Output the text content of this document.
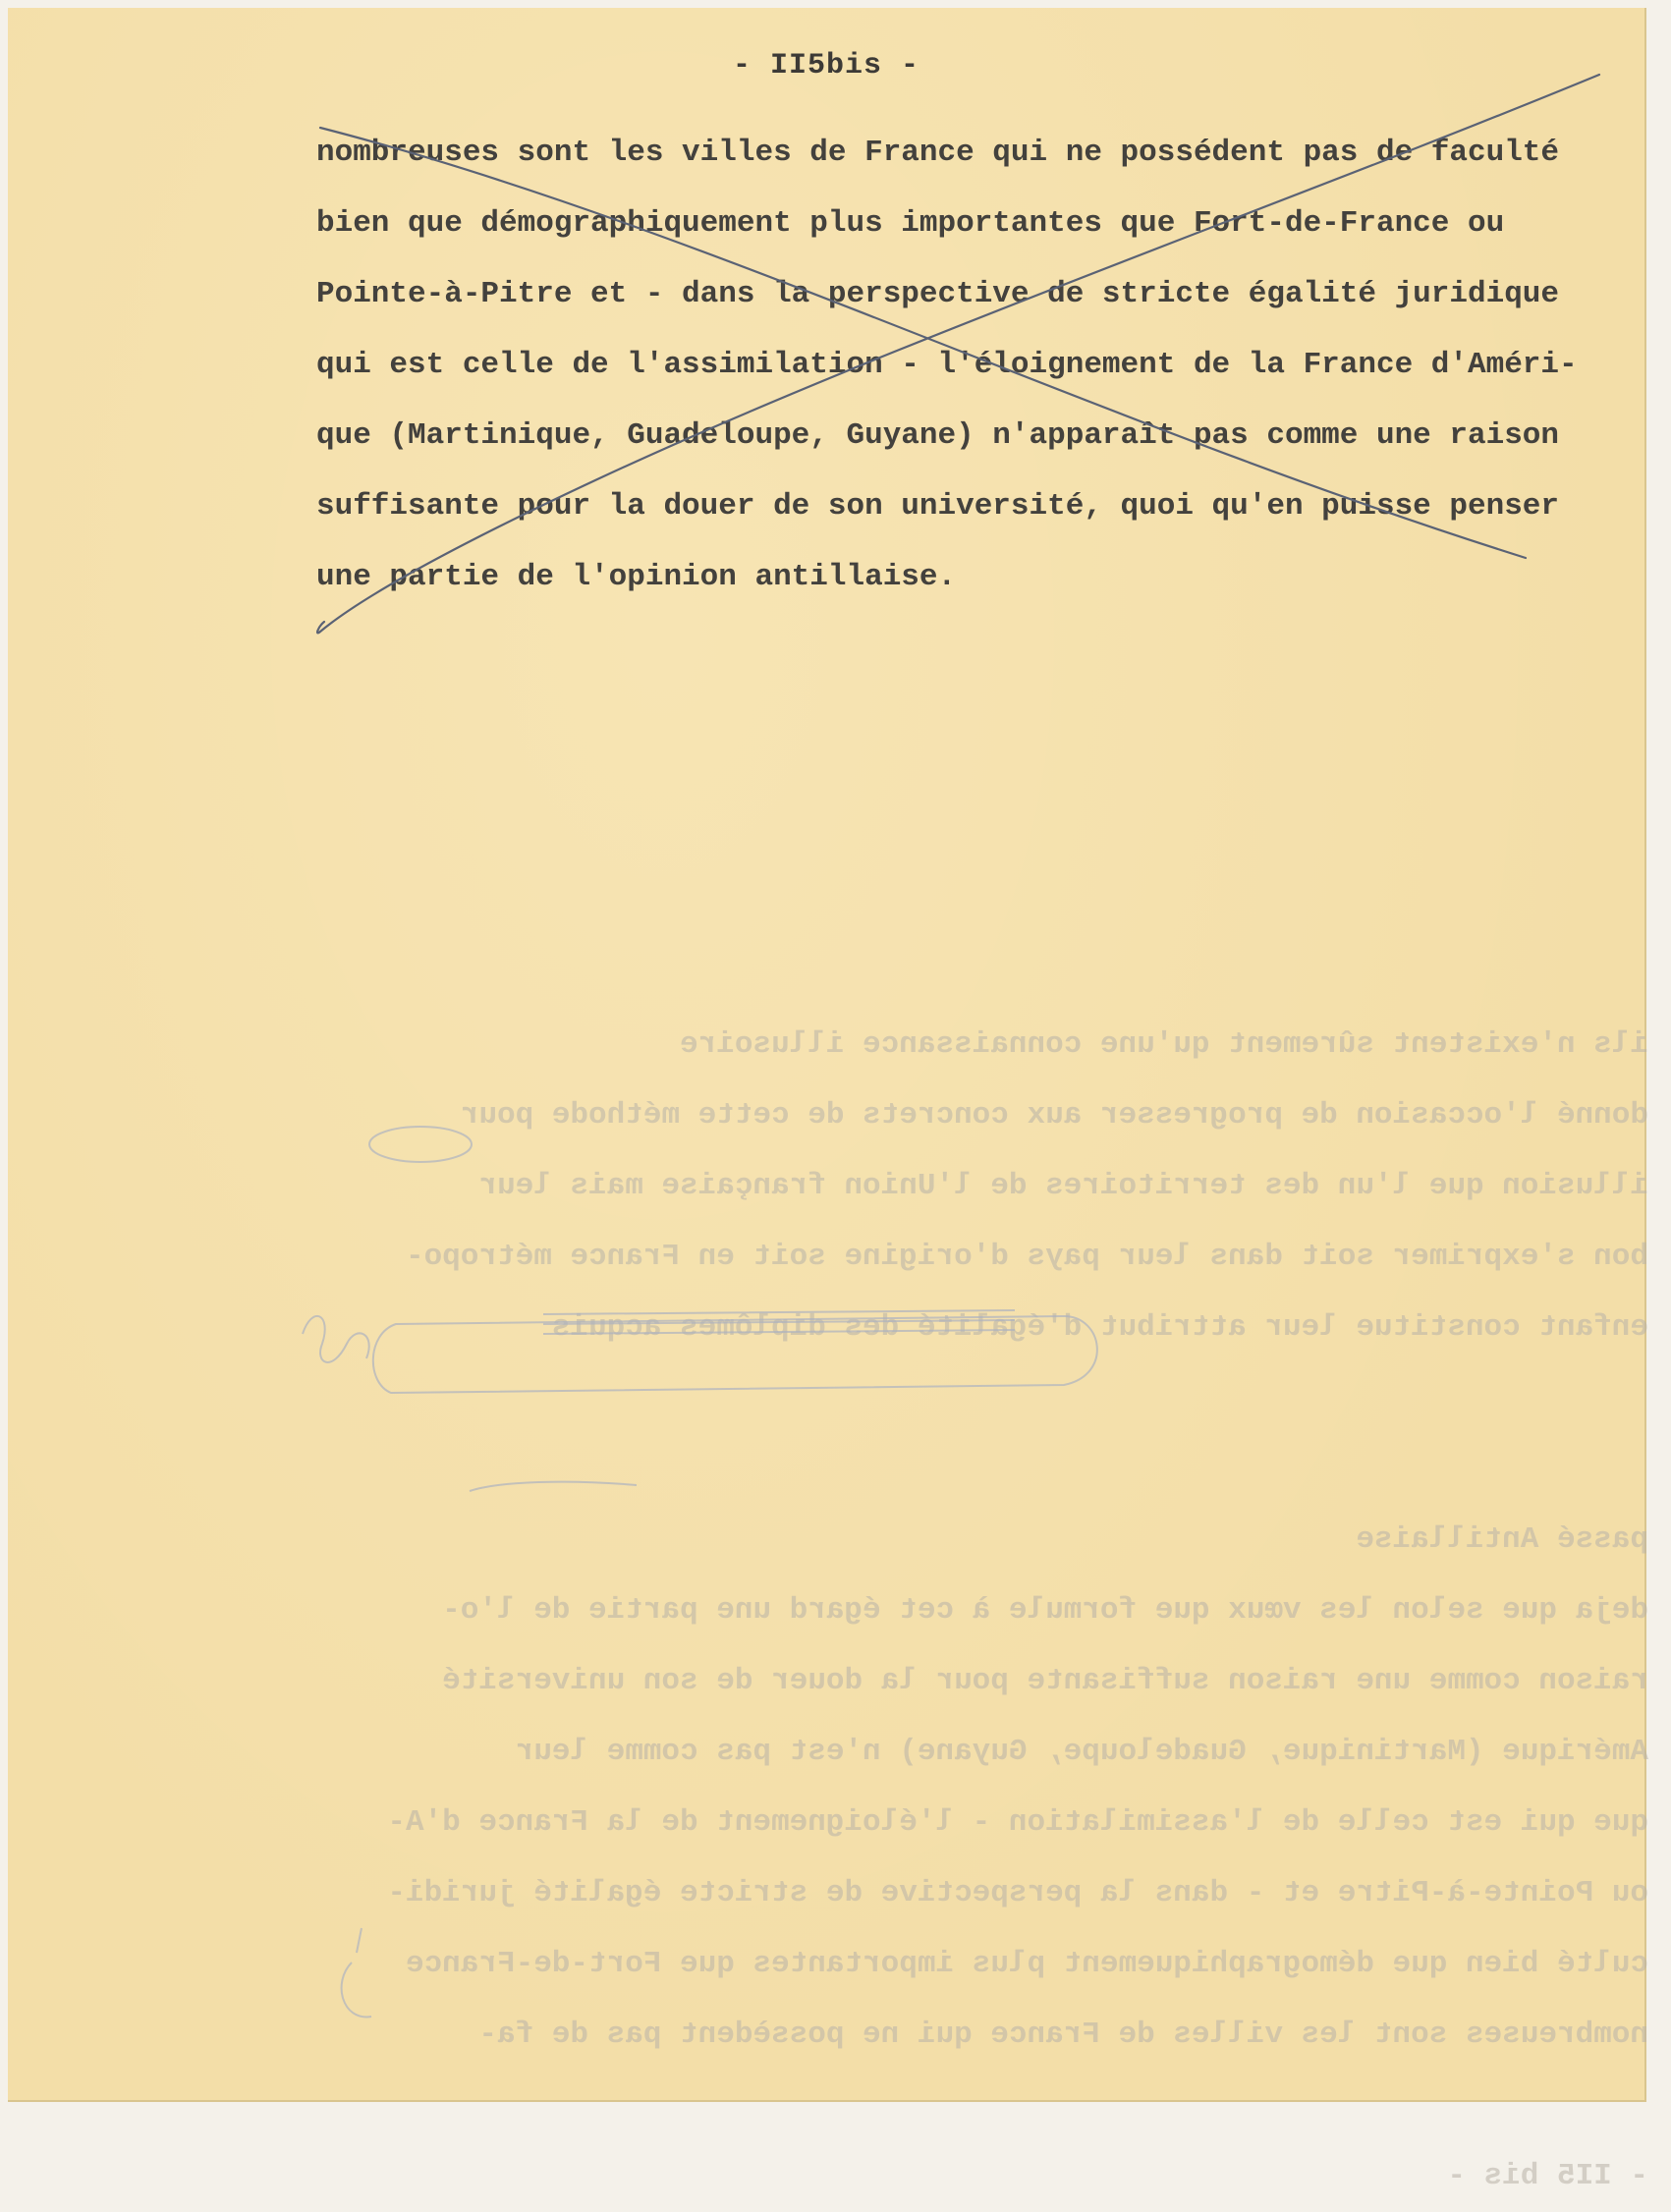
ils n'existent sûrement qu'une connaissance illusoire
donné l'occasion de progresser aux concrets de cette méthode pour
illusion que l'un des territoires de l'Union française mais leur
bon s'exprimer soit dans leur pays d'origine soit en France métropo-
enfant constitue leur attribut d'égalité des diplômes acquis

passé Antillaise
deja que selon les vœux que formule à cet égard une partie de l'o-
raison comme une raison suffisante pour la douer de son université
Amérique (Martinique, Guadeloupe, Guyane) n'est pas comme leur
que qui est celle de l'assimilation - l'éloignement de la France d'A-
ou Pointe-à-Pitre et - dans la perspective de stricte égalité juridi-
culté bien que démographiquement plus importantes que Fort-de-France
nombreuses sont les villes de France qui ne possèdent pas de fa-

- II5 bis -
- II5bis -
nombreuses sont les villes de France qui ne possédent pas de faculté
bien que démographiquement plus importantes que Fort-de-France ou
Pointe-à-Pitre et - dans la perspective de stricte égalité juridique
qui est celle de l'assimilation - l'éloignement de la France d'Améri-
que (Martinique, Guadeloupe, Guyane) n'apparaît pas comme une raison
suffisante pour la douer de son université, quoi qu'en puisse penser
une partie de l'opinion antillaise.
